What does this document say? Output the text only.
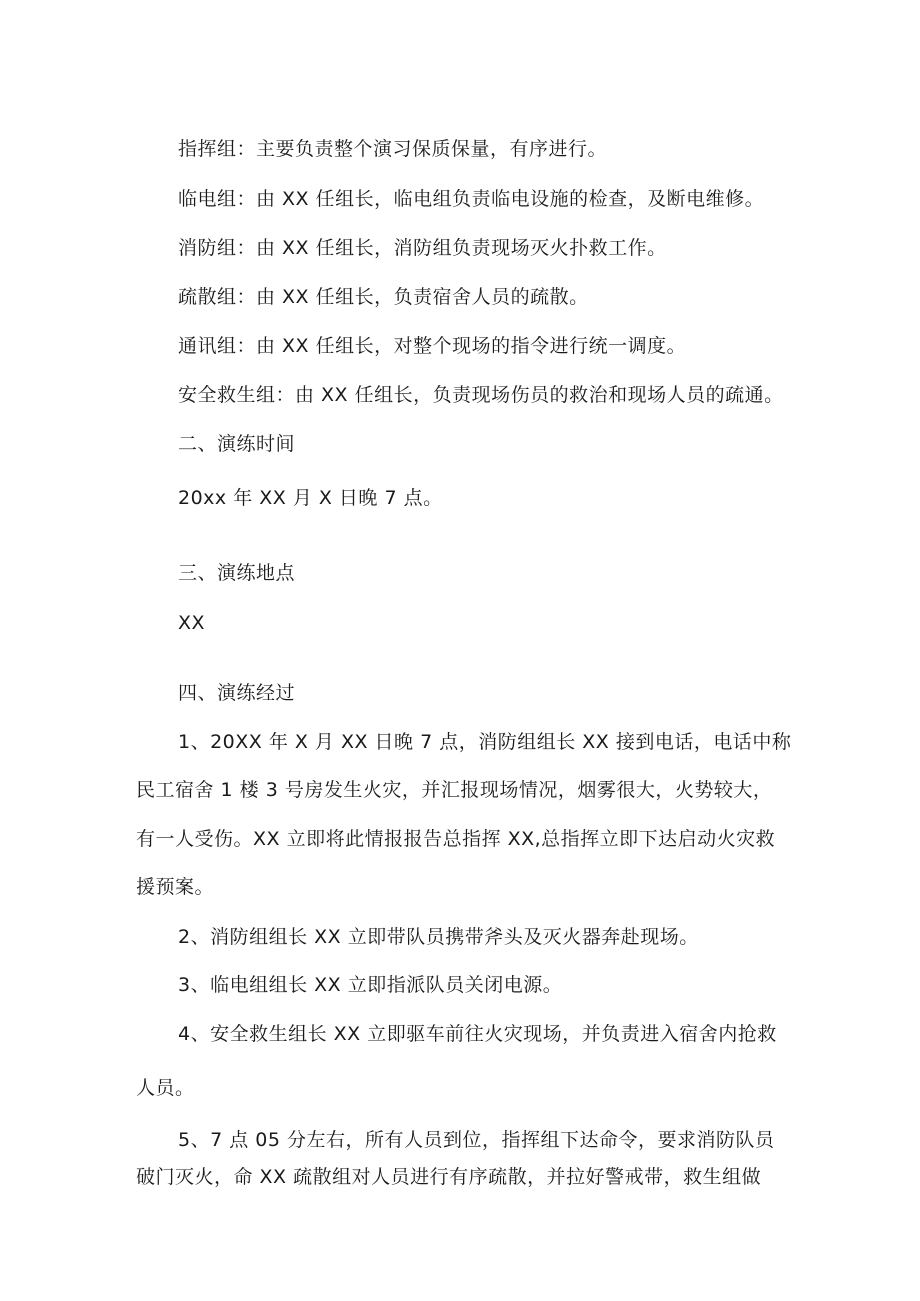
指挥组：主要负责整个演习保质保量，有序进行。
临电组：由 XX 任组长，临电组负责临电设施的检查，及断电维修。
消防组：由 XX 任组长，消防组负责现场灭火扑救工作。
疏散组：由 XX 任组长，负责宿舍人员的疏散。
通讯组：由 XX 任组长，对整个现场的指令进行统一调度。
安全救生组：由 XX 任组长，负责现场伤员的救治和现场人员的疏通。
二、演练时间
20xx 年 XX 月 X 日晚 7 点。
三、演练地点
XX
四、演练经过
1、20XX 年 X 月 XX 日晚 7 点，消防组组长 XX 接到电话，电话中称
民工宿舍 1 楼 3 号房发生火灾，并汇报现场情况，烟雾很大，火势较大，
有一人受伤。XX 立即将此情报报告总指挥 XX,总指挥立即下达启动火灾救
援预案。
2、消防组组长 XX 立即带队员携带斧头及灭火器奔赴现场。
3、临电组组长 XX 立即指派队员关闭电源。
4、安全救生组长 XX 立即驱车前往火灾现场，并负责进入宿舍内抢救
人员。
5、7 点 05 分左右，所有人员到位，指挥组下达命令，要求消防队员
破门灭火，命 XX 疏散组对人员进行有序疏散，并拉好警戒带，救生组做
